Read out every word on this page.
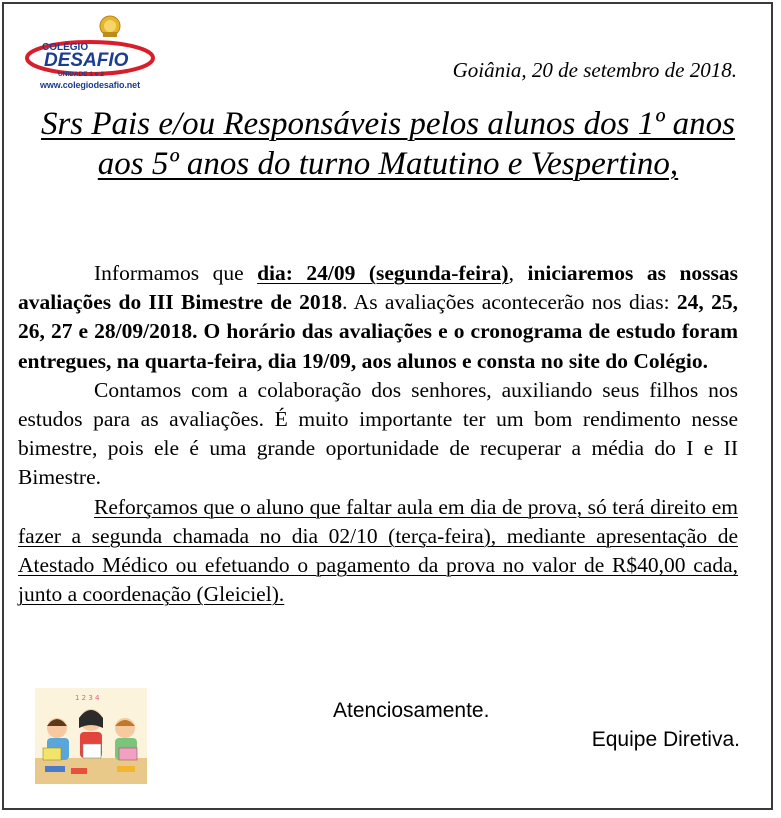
COLÉGIO
DESAFIO
UNIDADE 1 e 2
www.colegiodesafio.net
Goiânia, 20 de setembro de 2018.
Srs Pais e/ou Responsáveis pelos alunos dos 1º anos aos 5º anos do turno Matutino e Vespertino,

Informamos que dia: 24/09 (segunda-feira), iniciaremos as nossas avaliações do III Bimestre de 2018. As avaliações acontecerão nos dias: 24, 25, 26, 27 e 28/09/2018. O horário das avaliações e o cronograma de estudo foram entregues, na quarta-feira, dia 19/09, aos alunos e consta no site do Colégio.

Contamos com a colaboração dos senhores, auxiliando seus filhos nos estudos para as avaliações. É muito importante ter um bom rendimento nesse bimestre, pois ele é uma grande oportunidade de recuperar a média do I e II Bimestre.

Reforçamos que o aluno que faltar aula em dia de prova, só terá direito em fazer a segunda chamada no dia 02/10 (terça-feira), mediante apresentação de Atestado Médico ou efetuando o pagamento da prova no valor de R$40,00 cada, junto a coordenação (Gleiciel).

1 2 3 4
Atenciosamente.
Equipe Diretiva.
